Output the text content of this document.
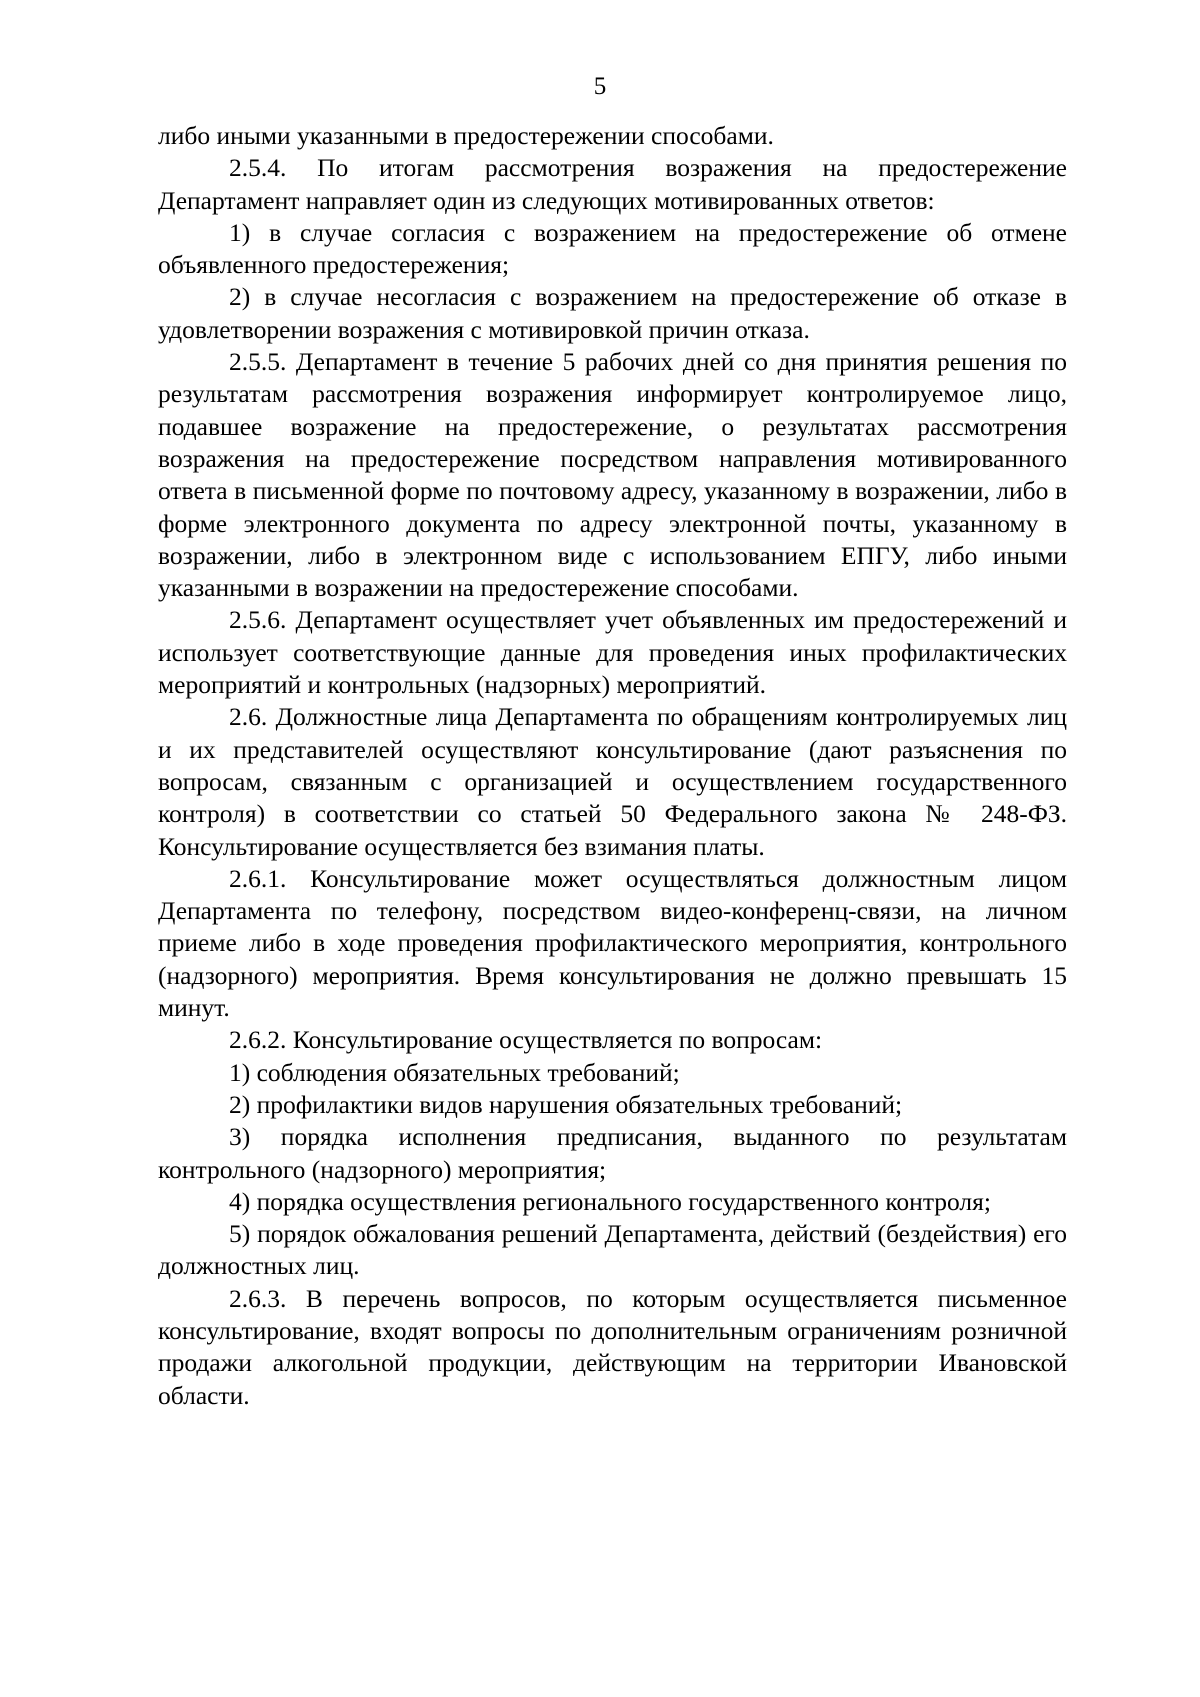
5

либо иными указанными в предостережении способами.

2.5.4. По итогам рассмотрения возражения на предостережение Департамент направляет один из следующих мотивированных ответов:

1) в случае согласия с возражением на предостережение об отмене объявленного предостережения;

2) в случае несогласия с возражением на предостережение об отказе в удовлетворении возражения с мотивировкой причин отказа.

2.5.5. Департамент в течение 5 рабочих дней со дня принятия решения по результатам рассмотрения возражения информирует контролируемое лицо, подавшее возражение на предостережение, о результатах рассмотрения возражения на предостережение посредством направления мотивированного ответа в письменной форме по почтовому адресу, указанному в возражении, либо в форме электронного документа по адресу электронной почты, указанному в возражении, либо в электронном виде с использованием ЕПГУ, либо иными указанными в возражении на предостережение способами.

2.5.6. Департамент осуществляет учет объявленных им предостережений и использует соответствующие данные для проведения иных профилактических мероприятий и контрольных (надзорных) мероприятий.

2.6. Должностные лица Департамента по обращениям контролируемых лиц и их представителей осуществляют консультирование (дают разъяснения по вопросам, связанным с организацией и осуществлением государственного контроля) в соответствии со статьей 50 Федерального закона № 248-ФЗ. Консультирование осуществляется без взимания платы.

2.6.1. Консультирование может осуществляться должностным лицом Департамента по телефону, посредством видео-конференц-связи, на личном приеме либо в ходе проведения профилактического мероприятия, контрольного (надзорного) мероприятия. Время консультирования не должно превышать 15 минут.

2.6.2. Консультирование осуществляется по вопросам:

1) соблюдения обязательных требований;

2) профилактики видов нарушения обязательных требований;

3) порядка исполнения предписания, выданного по результатам контрольного (надзорного) мероприятия;

4) порядка осуществления регионального государственного контроля;

5) порядок обжалования решений Департамента, действий (бездействия) его должностных лиц.

2.6.3. В перечень вопросов, по которым осуществляется письменное консультирование, входят вопросы по дополнительным ограничениям розничной продажи алкогольной продукции, действующим на территории Ивановской области.
